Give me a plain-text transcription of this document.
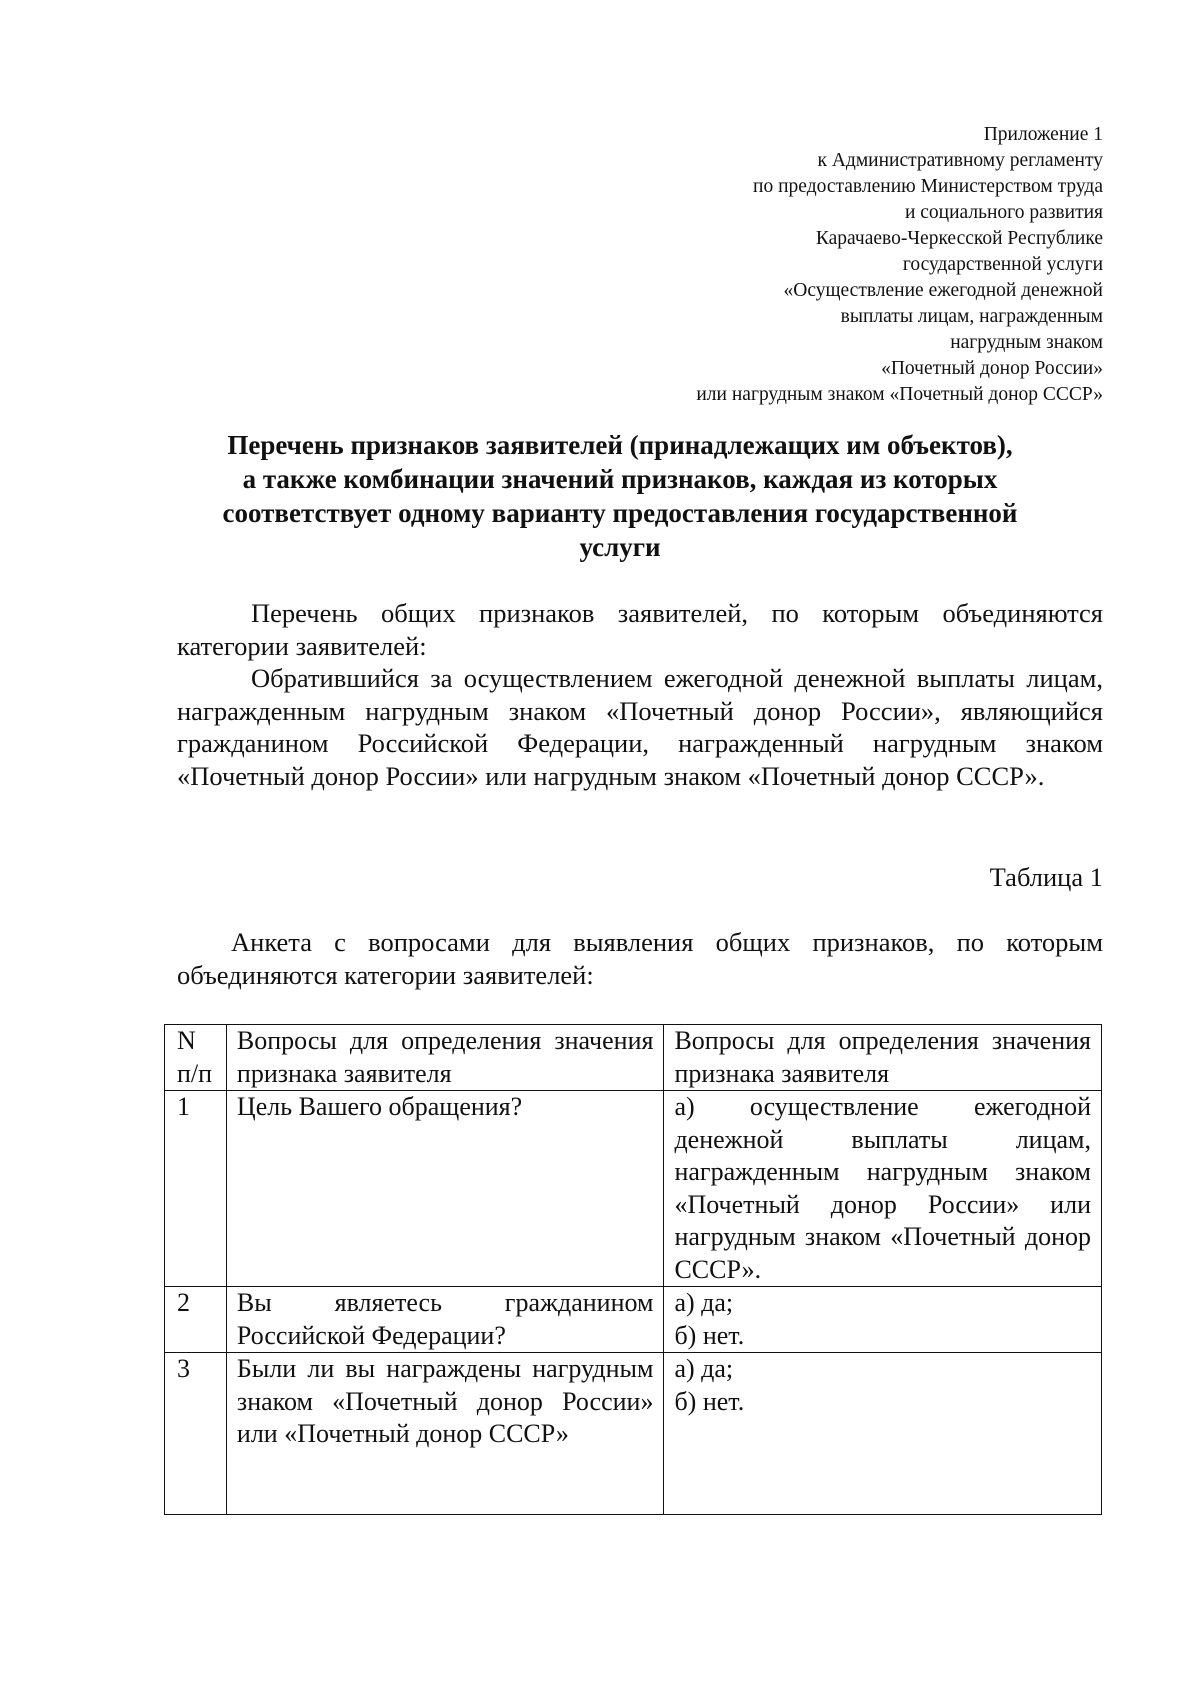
Приложение 1
к Административному регламенту
по предоставлению Министерством труда
и социального развития
Карачаево-Черкесской Республике
государственной услуги
«Осуществление ежегодной денежной
выплаты лицам, награжденным
нагрудным знаком
«Почетный донор России»
или нагрудным знаком «Почетный донор СССР»
Перечень признаков заявителей (принадлежащих им объектов),
а также комбинации значений признаков, каждая из которых
соответствует одному варианту предоставления государственной
услуги

Перечень общих признаков заявителей, по которым объединяются категории заявителей:

Обратившийся за осуществлением ежегодной денежной выплаты лицам, награжденным нагрудным знаком «Почетный донор России», являющийся гражданином Российской Федерации, награжденный нагрудным знаком «Почетный донор России» или нагрудным знаком «Почетный донор СССР».

Таблица 1

Анкета с вопросами для выявления общих признаков, по которым объединяются категории заявителей:

N п/п	Вопросы для определения значения признака заявителя	Вопросы для определения значения признака заявителя
1	Цель Вашего обращения?	а) осуществление ежегодной денежной выплаты лицам, награжденным нагрудным знаком «Почетный донор России» или нагрудным знаком «Почетный донор СССР».

2	Вы являетесь гражданином Российской Федерации?	а) да;
б) нет.

3	Были ли вы награждены нагрудным знаком «Почетный донор России» или «Почетный донор СССР»	а) да;
б) нет.
